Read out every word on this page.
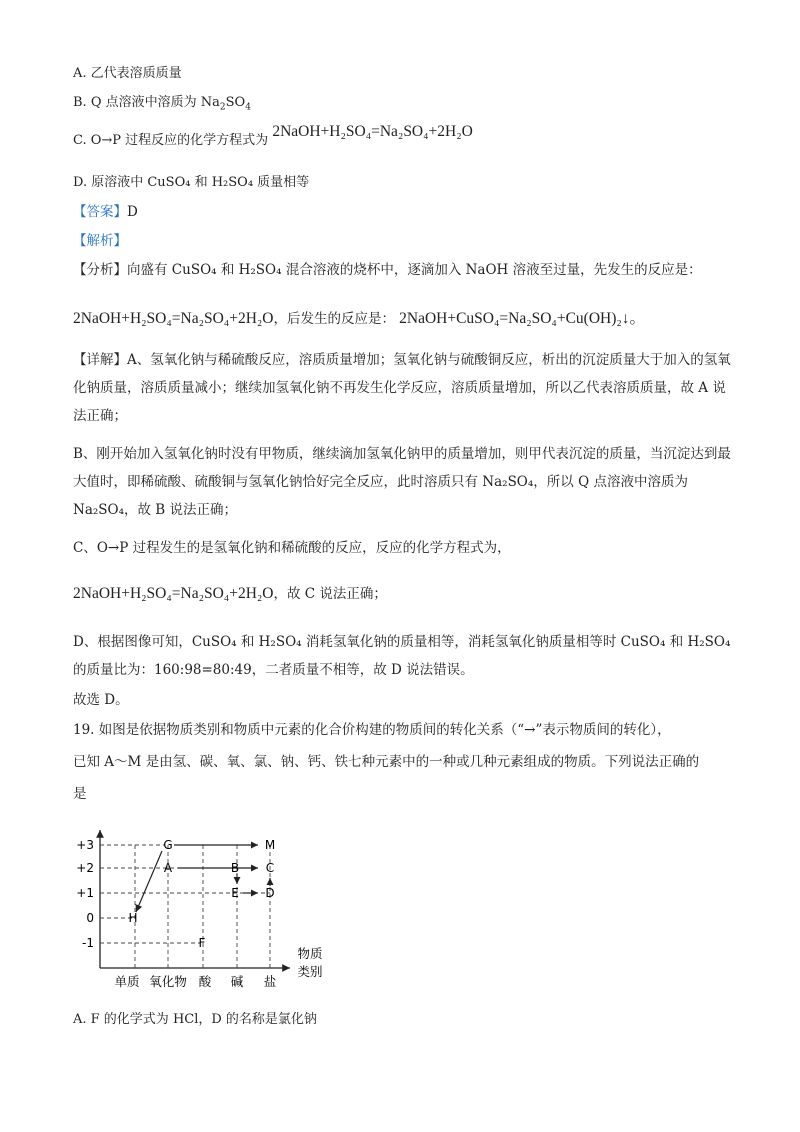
A. 乙代表溶质质量
B. Q 点溶液中溶质为 $Na_2SO_4$
C. O→P 过程反应的化学方程式为 2NaOH+H₂SO₄=Na₂SO₄+2H₂O
D. 原溶液中 CuSO₄ 和 H₂SO₄ 质量相等
【答案】D
【解析】
【分析】向盛有 CuSO₄ 和 H₂SO₄ 混合溶液的烧杯中，逐滴加入 NaOH 溶液至过量，先发生的反应是：
2NaOH+H₂SO₄=Na₂SO₄+2H₂O，后发生的反应是： 2NaOH+CuSO₄=Na₂SO₄+Cu(OH)₂↓。
【详解】A、氢氧化钠与稀硫酸反应，溶质质量增加；氢氧化钠与硫酸铜反应，析出的沉淀质量大于加入的氢氧化钠质量，溶质质量减小；继续加氢氧化钠不再发生化学反应，溶质质量增加，所以乙代表溶质质量，故 A 说法正确；
B、刚开始加入氢氧化钠时没有甲物质，继续滴加氢氧化钠甲的质量增加，则甲代表沉淀的质量，当沉淀达到最大值时，即稀硫酸、硫酸铜与氢氧化钠恰好完全反应，此时溶质只有 Na₂SO₄，所以 Q 点溶液中溶质为 Na₂SO₄，故 B 说法正确；
C、O→P 过程发生的是氢氧化钠和稀硫酸的反应，反应的化学方程式为，
2NaOH+H₂SO₄=Na₂SO₄+2H₂O，故 C 说法正确；
D、根据图像可知，CuSO₄ 和 H₂SO₄ 消耗氢氧化钠的质量相等，消耗氢氧化钠质量相等时 CuSO₄ 和 H₂SO₄ 的质量比为：160:98=80:49，二者质量不相等，故 D 说法错误。
故选 D。
19. 如图是依据物质类别和物质中元素的化合价构建的物质间的转化关系（“→”表示物质间的转化），
已知 A～M 是由氢、碳、氧、氯、钠、钙、铁七种元素中的一种或几种元素组成的物质。下列说法正确的
是
+3
+2
+1
0
-1
G	M
A	B C
E D
H
F
单质 氧化物 酸 碱 盐
物质
类别
A. F 的化学式为 HCl，D 的名称是氯化钠
